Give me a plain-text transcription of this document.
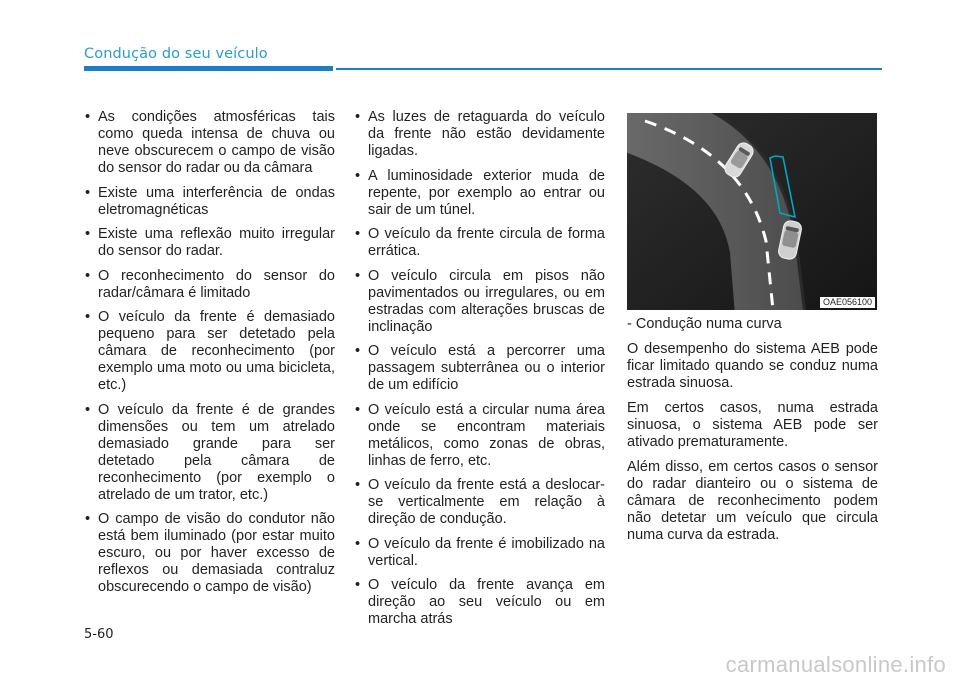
Condução do seu veículo
• As condições atmosféricas tais como queda intensa de chuva ou neve obscurecem o campo de visão do sensor do radar ou da câmara
• Existe uma interferência de ondas eletromagnéticas
• Existe uma reflexão muito irregular do sensor do radar.
• O reconhecimento do sensor do radar/câmara é limitado
• O veículo da frente é demasiado pequeno para ser detetado pela câmara de reconhecimento (por exemplo uma moto ou uma bicicleta, etc.)
• O veículo da frente é de grandes dimensões ou tem um atrelado demasiado grande para ser detetado pela câmara de reconhecimento (por exemplo o atrelado de um trator, etc.)
• O campo de visão do condutor não está bem iluminado (por estar muito escuro, ou por haver excesso de reflexos ou demasiada contraluz obscurecendo o campo de visão)
• As luzes de retaguarda do veículo da frente não estão devidamente ligadas.
• A luminosidade exterior muda de repente, por exemplo ao entrar ou sair de um túnel.
• O veículo da frente circula de forma errática.
• O veículo circula em pisos não pavimentados ou irregulares, ou em estradas com alterações bruscas de inclinação
• O veículo está a percorrer uma passagem subterrânea ou o interior de um edifício
• O veículo está a circular numa área onde se encontram materiais metálicos, como zonas de obras, linhas de ferro, etc.
• O veículo da frente está a deslocar-se verticalmente em relação à direção de condução.
• O veículo da frente é imobilizado na vertical.
• O veículo da frente avança em direção ao seu veículo ou em marcha atrás
OAE056100

- Condução numa curva

O desempenho do sistema AEB pode ficar limitado quando se conduz numa estrada sinuosa.

Em certos casos, numa estrada sinuosa, o sistema AEB pode ser ativado prematuramente.

Além disso, em certos casos o sensor do radar dianteiro ou o sistema de câmara de reconhecimento podem não detetar um veículo que circula numa curva da estrada.

5-60
carmanualsonline.info
